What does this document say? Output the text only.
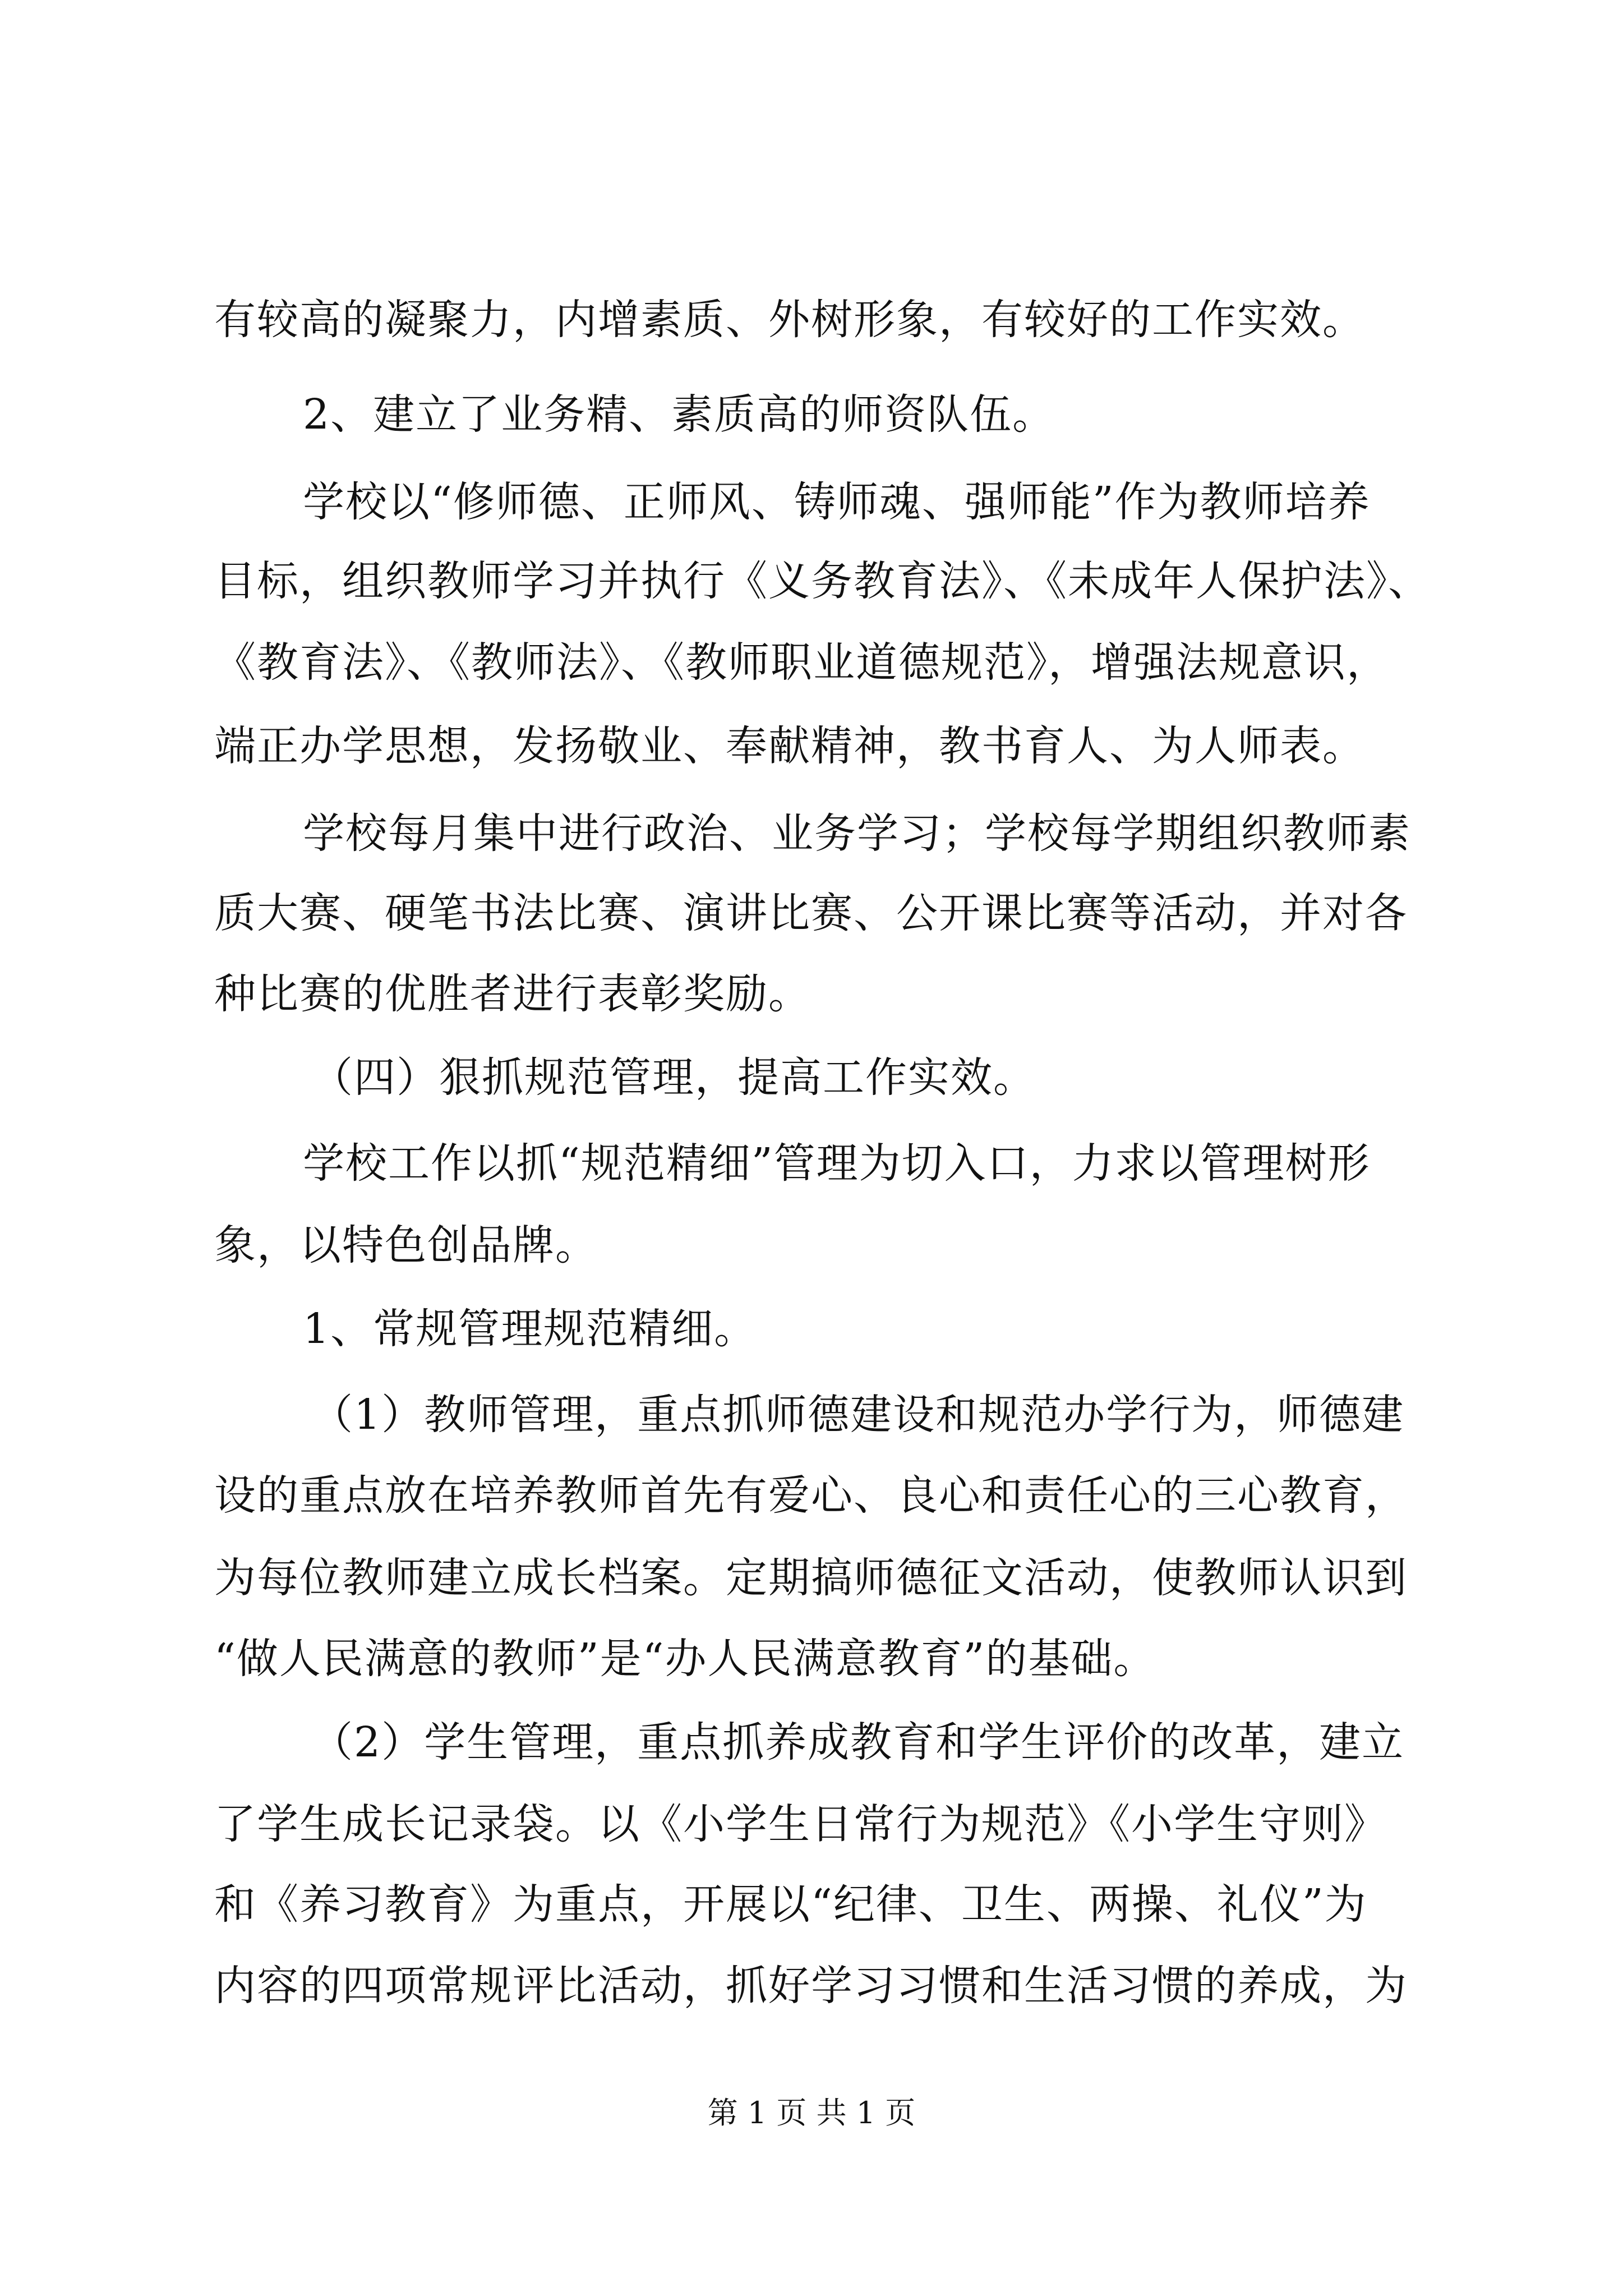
有较高的凝聚力，内增素质、外树形象，有较好的工作实效。
2、建立了业务精、素质高的师资队伍。
学校以“修师德、正师风、铸师魂、强师能”作为教师培养
目标，组织教师学习并执行《义务教育法》、《未成年人保护法》、
《教育法》、《教师法》、《教师职业道德规范》，增强法规意识，
端正办学思想，发扬敬业、奉献精神，教书育人、为人师表。
学校每月集中进行政治、业务学习；学校每学期组织教师素
质大赛、硬笔书法比赛、演讲比赛、公开课比赛等活动，并对各
种比赛的优胜者进行表彰奖励。
（四）狠抓规范管理，提高工作实效。
学校工作以抓“规范精细”管理为切入口，力求以管理树形
象，以特色创品牌。
1、常规管理规范精细。
（1）教师管理，重点抓师德建设和规范办学行为，师德建
设的重点放在培养教师首先有爱心、良心和责任心的三心教育，
为每位教师建立成长档案。定期搞师德征文活动，使教师认识到
“做人民满意的教师”是“办人民满意教育”的基础。
（2）学生管理，重点抓养成教育和学生评价的改革，建立
了学生成长记录袋。以《小学生日常行为规范》《小学生守则》
和《养习教育》为重点，开展以“纪律、卫生、两操、礼仪”为
内容的四项常规评比活动，抓好学习习惯和生活习惯的养成，为
第 1 页 共 1 页
